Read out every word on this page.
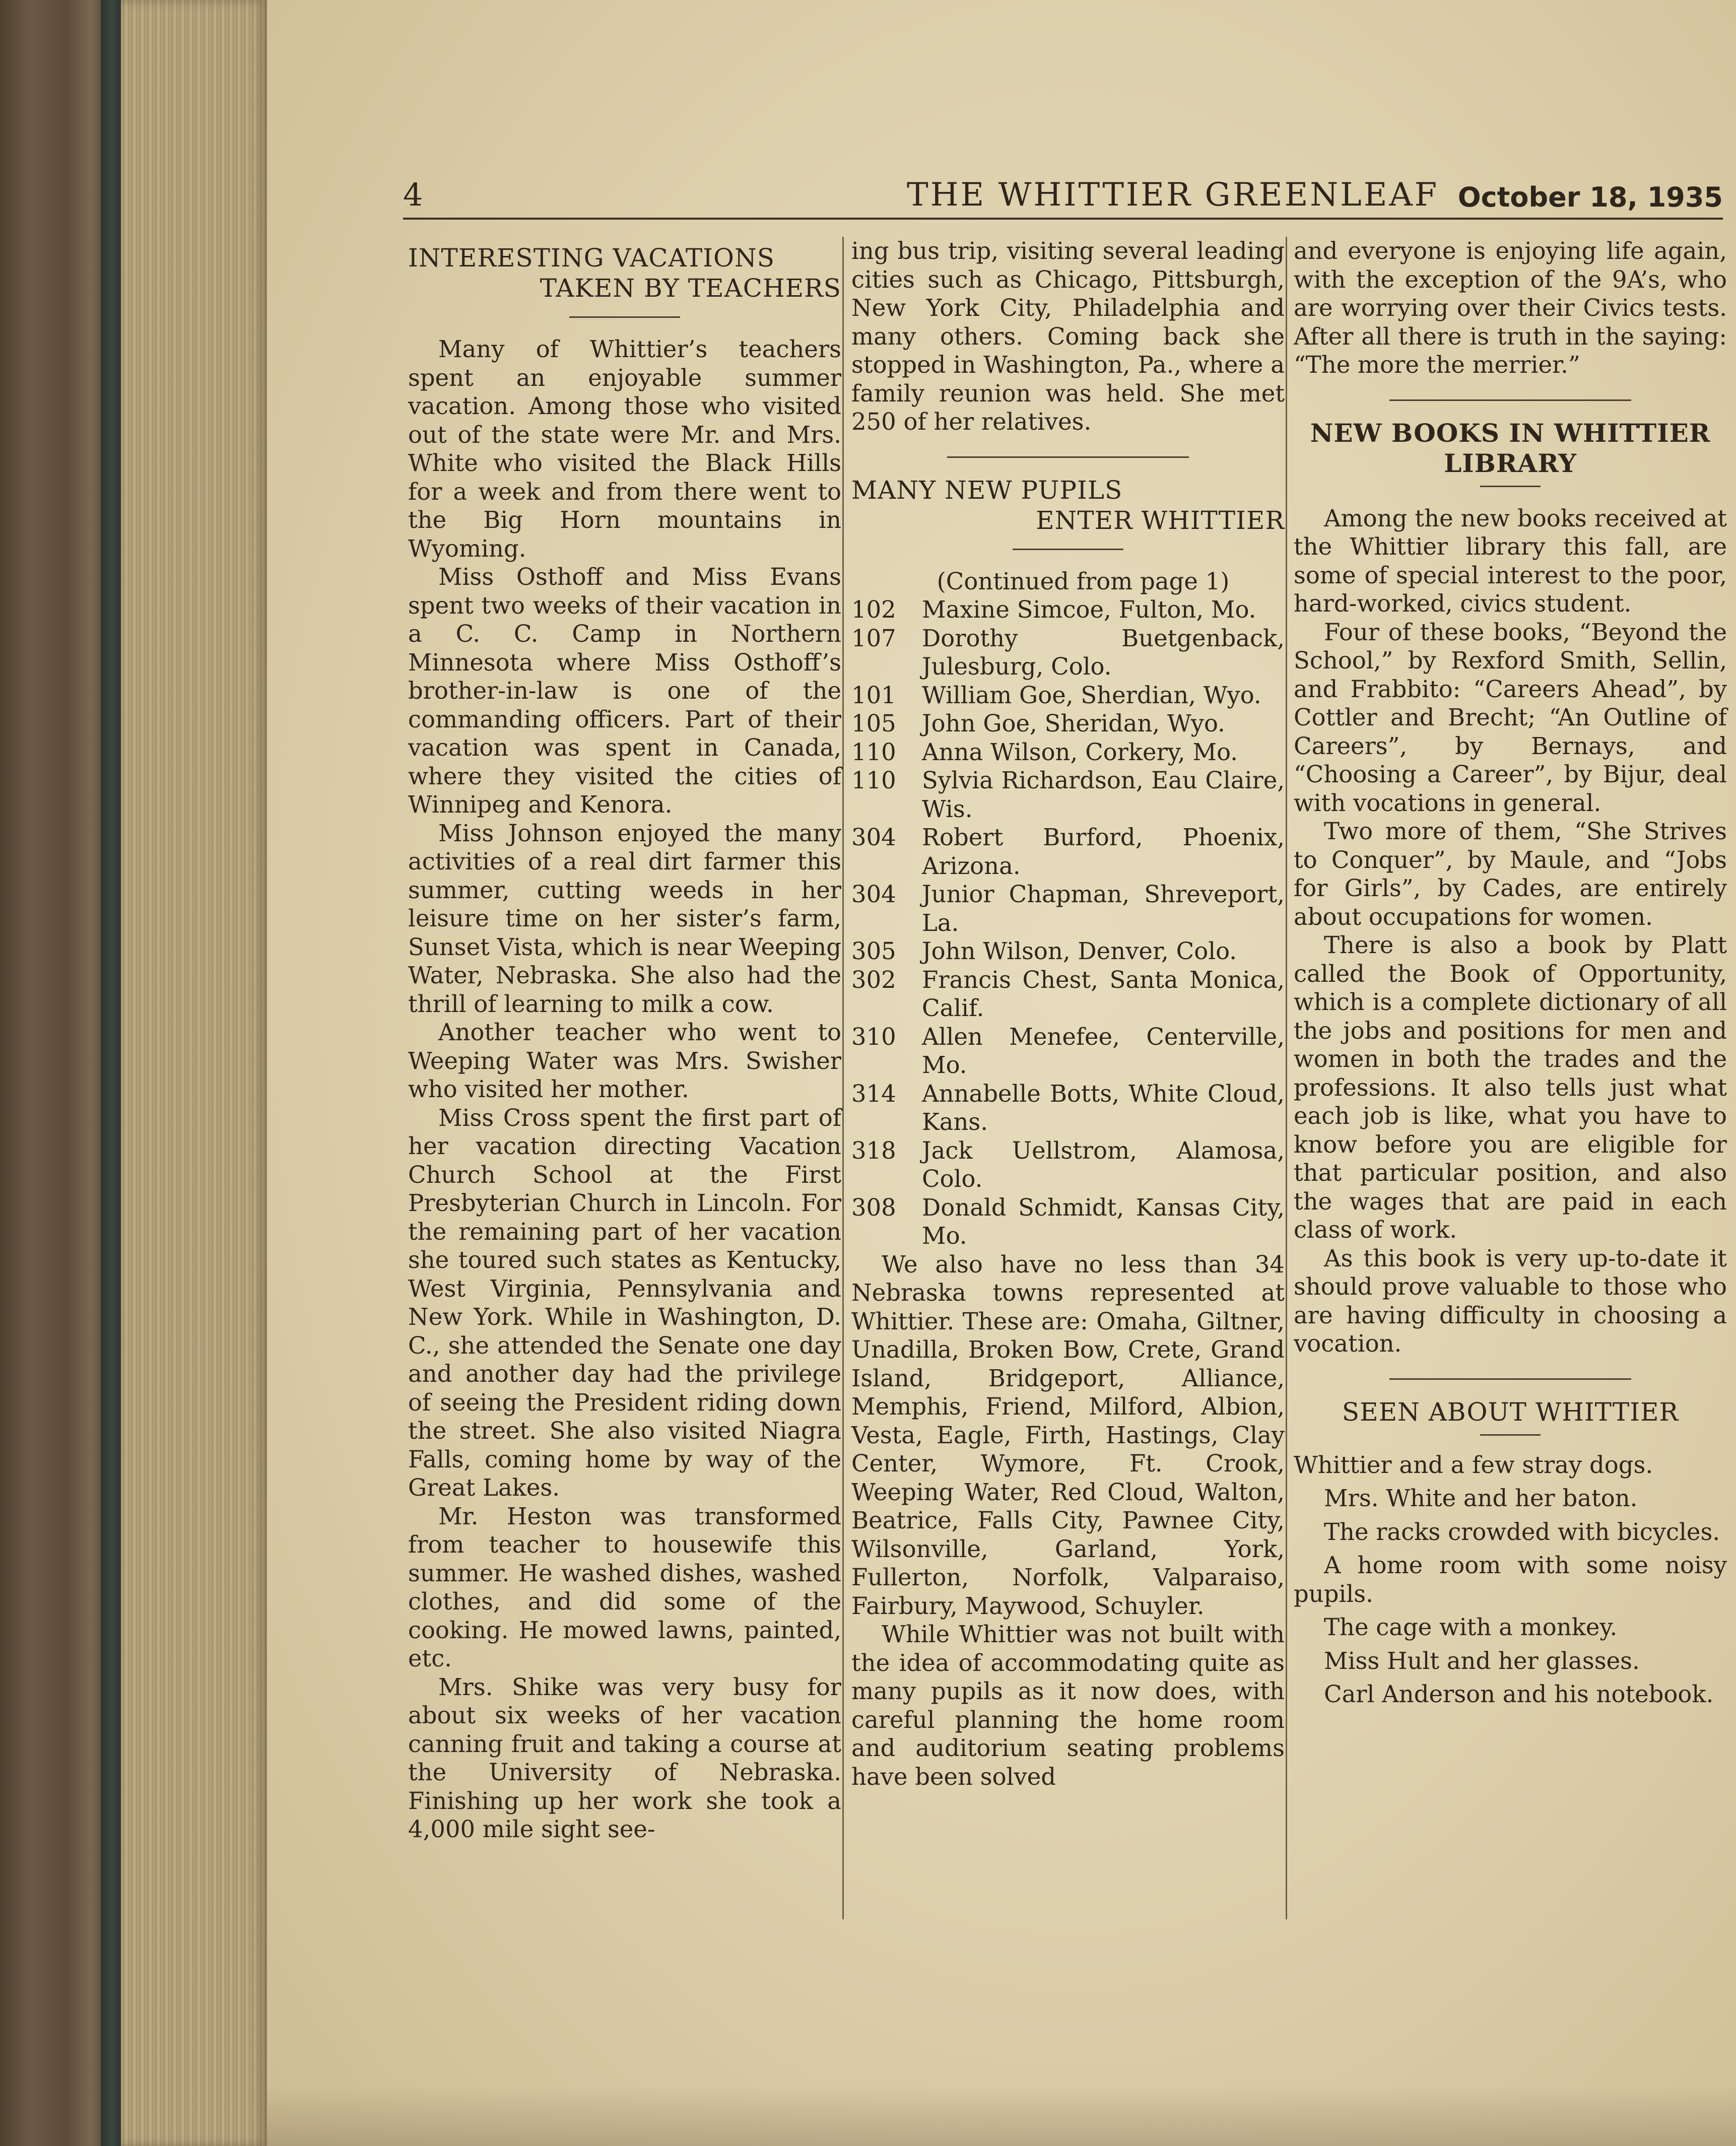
4	THE WHITTIER GREENLEAF October 18, 1935
INTERESTING VACATIONS
TAKEN BY TEACHERS

Many of Whittier’s teachers spent an enjoyable summer vacation. Among those who visited out of the state were Mr. and Mrs. White who visited the Black Hills for a week and from there went to the Big Horn mountains in Wyoming.

Miss Osthoff and Miss Evans spent two weeks of their vacation in a C. C. Camp in Northern Minnesota where Miss Osthoff’s brother-in-law is one of the commanding officers. Part of their vacation was spent in Canada, where they visited the cities of Winnipeg and Kenora.

Miss Johnson enjoyed the many activities of a real dirt farmer this summer, cutting weeds in her leisure time on her sister’s farm, Sunset Vista, which is near Weeping Water, Nebraska. She also had the thrill of learning to milk a cow.

Another teacher who went to Weeping Water was Mrs. Swisher who visited her mother.

Miss Cross spent the first part of her vacation directing Vacation Church School at the First Presbyterian Church in Lincoln. For the remaining part of her vacation she toured such states as Kentucky, West Virginia, Pennsylvania and New York. While in Washington, D. C., she attended the Senate one day and another day had the privilege of seeing the President riding down the street. She also visited Niagra Falls, coming home by way of the Great Lakes.

Mr. Heston was transformed from teacher to housewife this summer. He washed dishes, washed clothes, and did some of the cooking. He mowed lawns, painted, etc.

Mrs. Shike was very busy for about six weeks of her vacation canning fruit and taking a course at the University of Nebraska. Finishing up her work she took a 4,000 mile sight see-

ing bus trip, visiting several leading cities such as Chicago, Pittsburgh, New York City, Philadelphia and many others. Coming back she stopped in Washington, Pa., where a family reunion was held. She met 250 of her relatives.

MANY NEW PUPILS
ENTER WHITTIER

(Continued from page 1)

102	Maxine Simcoe, Fulton, Mo.
107	Dorothy Buetgenback, Julesburg, Colo.
101	William Goe, Sherdian, Wyo.
105	John Goe, Sheridan, Wyo.
110	Anna Wilson, Corkery, Mo.
110	Sylvia Richardson, Eau Claire, Wis.
304	Robert Burford, Phoenix, Arizona.
304	Junior Chapman, Shreveport, La.
305	John Wilson, Denver, Colo.
302	Francis Chest, Santa Monica, Calif.
310	Allen Menefee, Centerville, Mo.
314	Annabelle Botts, White Cloud, Kans.
318	Jack Uellstrom, Alamosa, Colo.
308	Donald Schmidt, Kansas City, Mo.

We also have no less than 34 Nebraska towns represented at Whittier. These are: Omaha, Giltner, Unadilla, Broken Bow, Crete, Grand Island, Bridgeport, Alliance, Memphis, Friend, Milford, Albion, Vesta, Eagle, Firth, Hastings, Clay Center, Wymore, Ft. Crook, Weeping Water, Red Cloud, Walton, Beatrice, Falls City, Pawnee City, Wilsonville, Garland, York, Fullerton, Norfolk, Valparaiso, Fairbury, Maywood, Schuyler.

While Whittier was not built with the idea of accommodating quite as many pupils as it now does, with careful planning the home room and auditorium seating problems have been solved

and everyone is enjoying life again, with the exception of the 9A’s, who are worrying over their Civics tests. After all there is truth in the saying: “The more the merrier.”

NEW BOOKS IN WHITTIER
LIBRARY

Among the new books received at the Whittier library this fall, are some of special interest to the poor, hard-worked, civics student.

Four of these books, “Beyond the School,” by Rexford Smith, Sellin, and Frabbito: “Careers Ahead”, by Cottler and Brecht; “An Outline of Careers”, by Bernays, and “Choosing a Career”, by Bijur, deal with vocations in general.

Two more of them, “She Strives to Conquer”, by Maule, and “Jobs for Girls”, by Cades, are entirely about occupations for women.

There is also a book by Platt called the Book of Opportunity, which is a complete dictionary of all the jobs and positions for men and women in both the trades and the professions. It also tells just what each job is like, what you have to know before you are eligible for that particular position, and also the wages that are paid in each class of work.

As this book is very up-to-date it should prove valuable to those who are having difficulty in choosing a vocation.

SEEN ABOUT WHITTIER

Whittier and a few stray dogs.

Mrs. White and her baton.

The racks crowded with bicycles.

A home room with some noisy pupils.

The cage with a monkey.

Miss Hult and her glasses.

Carl Anderson and his notebook.
